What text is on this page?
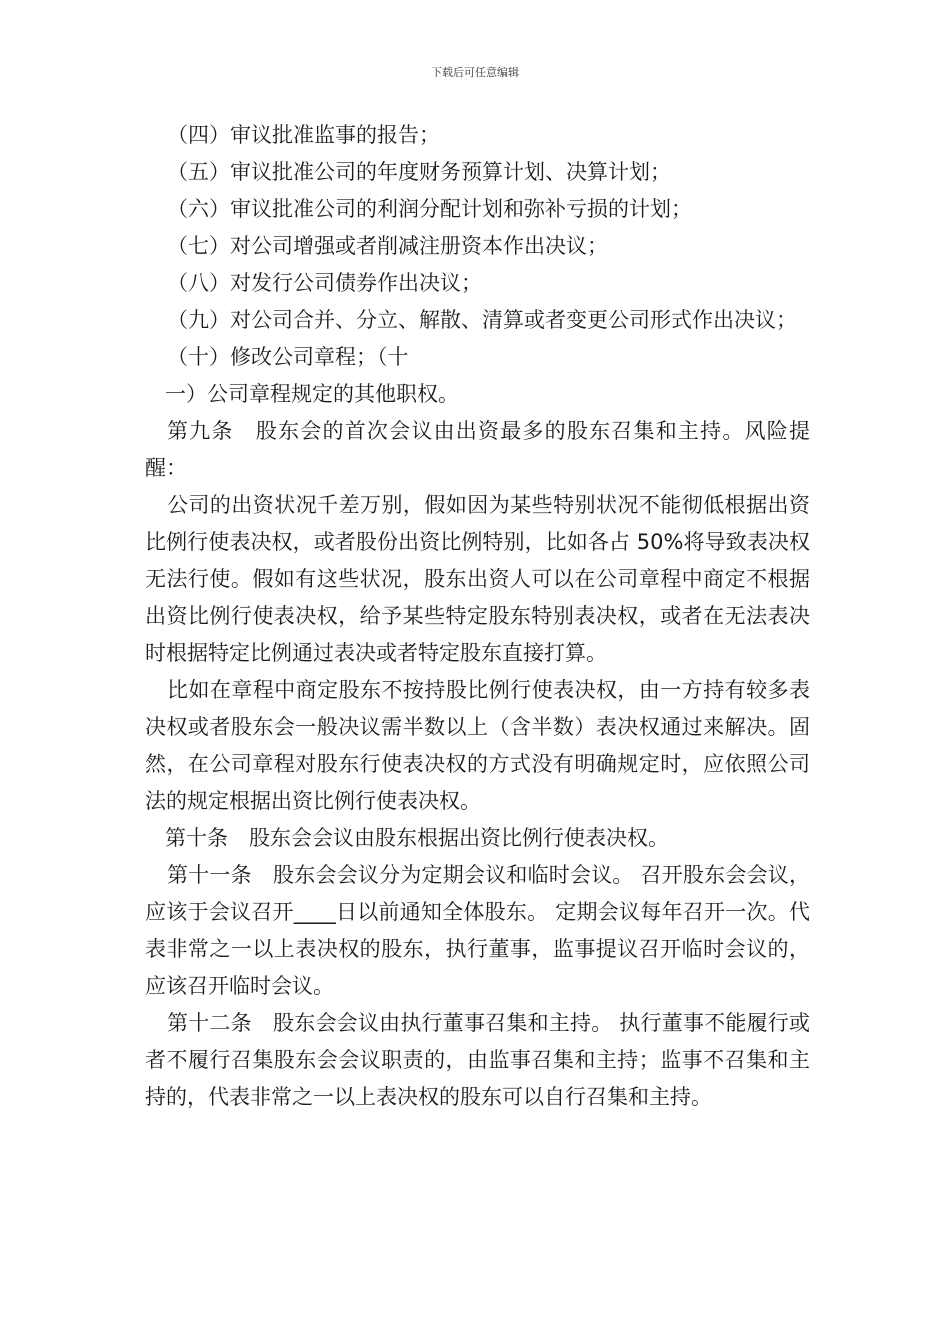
下载后可任意编辑

（四）审议批准监事的报告；

（五）审议批准公司的年度财务预算计划、决算计划；

（六）审议批准公司的利润分配计划和弥补亏损的计划；

（七）对公司增强或者削减注册资本作出决议；

（八）对发行公司债券作出决议；

（九）对公司合并、分立、解散、清算或者变更公司形式作出决议；

（十）修改公司章程；（十

一）公司章程规定的其他职权。

第九条　股东会的首次会议由出资最多的股东召集和主持。风险提醒：

公司的出资状况千差万别，假如因为某些特别状况不能彻低根据出资比例行使表决权，或者股份出资比例特别，比如各占 50%将导致表决权无法行使。假如有这些状况，股东出资人可以在公司章程中商定不根据出资比例行使表决权，给予某些特定股东特别表决权，或者在无法表决时根据特定比例通过表决或者特定股东直接打算。

比如在章程中商定股东不按持股比例行使表决权，由一方持有较多表决权或者股东会一般决议需半数以上（含半数）表决权通过来解决。固然，在公司章程对股东行使表决权的方式没有明确规定时，应依照公司法的规定根据出资比例行使表决权。

第十条　股东会会议由股东根据出资比例行使表决权。

第十一条　股东会会议分为定期会议和临时会议。 召开股东会会议，应该于会议召开____日以前通知全体股东。 定期会议每年召开一次。代表非常之一以上表决权的股东，执行董事，监事提议召开临时会议的，应该召开临时会议。

第十二条　股东会会议由执行董事召集和主持。 执行董事不能履行或者不履行召集股东会会议职责的，由监事召集和主持；监事不召集和主持的，代表非常之一以上表决权的股东可以自行召集和主持。
